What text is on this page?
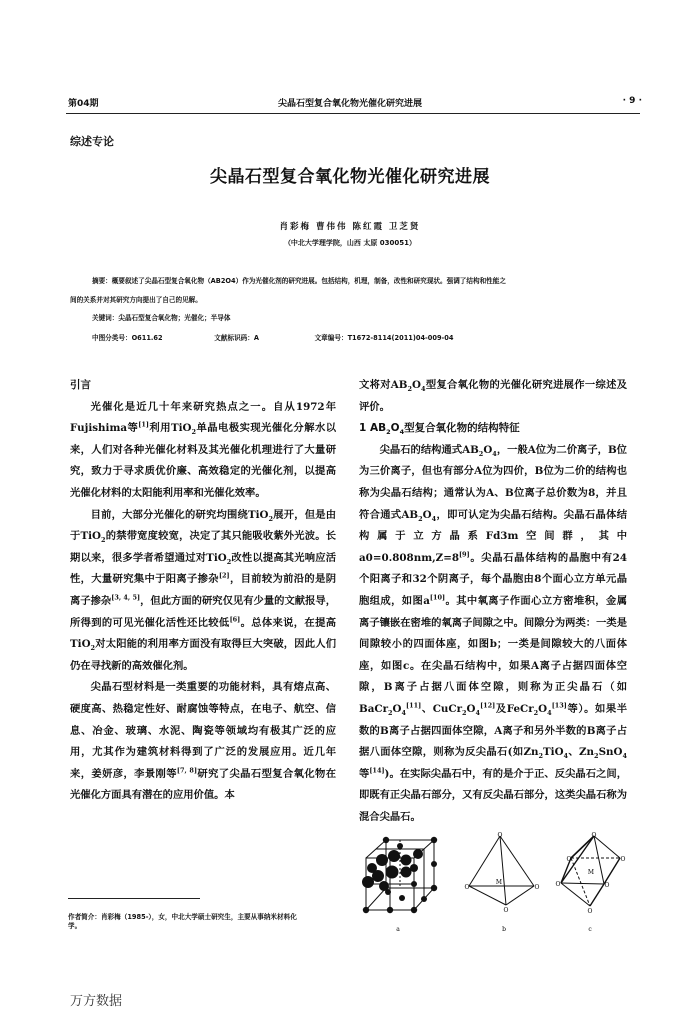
第04期	尖晶石型复合氧化物光催化研究进展	· 9 ·
综述专论
尖晶石型复合氧化物光催化研究进展
肖彩梅 曹伟伟 陈红霞 卫芝贤
（中北大学理学院，山西 太原 030051）
摘要：概要叙述了尖晶石型复合氧化物（AB2O4）作为光催化剂的研究进展。包括结构，机理，制备，改性和研究现状。强调了结构和性能之
间的关系并对其研究方向提出了自己的见解。
关键词：尖晶石型复合氧化物；光催化；半导体
中图分类号：O611.62	文献标识码：A	文章编号：T1672-8114(2011)04-009-04
引言

光催化是近几十年来研究热点之一。自从1972年Fujishima等[1]利用TiO$_2$单晶电极实现光催化分解水以来，人们对各种光催化材料及其光催化机理进行了大量研究，致力于寻求质优价廉、高效稳定的光催化剂，以提高光催化材料的太阳能利用率和光催化效率。

目前，大部分光催化的研究均围绕TiO$_2$展开，但是由于TiO$_2$的禁带宽度较宽，决定了其只能吸收紫外光波。长期以来，很多学者希望通过对TiO$_2$改性以提高其光响应活性，大量研究集中于阳离子掺杂[2]，目前较为前沿的是阴离子掺杂[3, 4, 5]，但此方面的研究仅见有少量的文献报导，所得到的可见光催化活性还比较低[6]。总体来说，在提高TiO$_2$对太阳能的利用率方面没有取得巨大突破，因此人们仍在寻找新的高效催化剂。

尖晶石型材料是一类重要的功能材料，具有熔点高、硬度高、热稳定性好、耐腐蚀等特点，在电子、航空、信息、冶金、玻璃、水泥、陶瓷等领域均有极其广泛的应用，尤其作为建筑材料得到了广泛的发展应用。近几年来，姜妍彦，李景刚等[7, 8]研究了尖晶石型复合氧化物在光催化方面具有潜在的应用价值。本

文将对$AB_2O_4$型复合氧化物的光催化研究进展作一综述及评价。

1 $AB_2O_4$型复合氧化物的结构特征

尖晶石的结构通式$AB_2O_4$，一般A位为二价离子，B位为三价离子，但也有部分A位为四价，B位为二价的结构也称为尖晶石结构；通常认为A、B位离子总价数为8，并且符合通式$AB_2O_4$，即可认定为尖晶石结构。尖晶石晶体结构属于立方晶系Fd3m空间群，其中a0=0.808nm,Z=8[9]。尖晶石晶体结构的晶胞中有24个阳离子和32个阴离子，每个晶胞由8个面心立方单元晶胞组成，如图a[10]。其中氧离子作面心立方密堆积，金属离子镶嵌在密堆的氧离子间隙之中。间隙分为两类：一类是间隙较小的四面体座，如图b；一类是间隙较大的八面体座，如图c。在尖晶石结构中，如果A离子占据四面体空隙，B离子占据八面体空隙，则称为正尖晶石（如$BaCr_2O_4[11]$、$CuCr_2O_4[12]$及$FeCr_2O_4[13]$等）。如果半数的B离子占据四面体空隙，A离子和另外半数的B离子占据八面体空隙，则称为反尖晶石(如$Zn_2TiO_4$、$Zn_2SnO_4$等[14])。在实际尖晶石中，有的是介于正、反尖晶石之间，即既有正尖晶石部分，又有反尖晶石部分，这类尖晶石称为混合尖晶石。

作者简介：肖彩梅（1985-），女，中北大学硕士研究生，主要从事纳米材料化学。	a
O
O	O
O
M
b
O
O	O
O	O
O
M
c
万方数据
